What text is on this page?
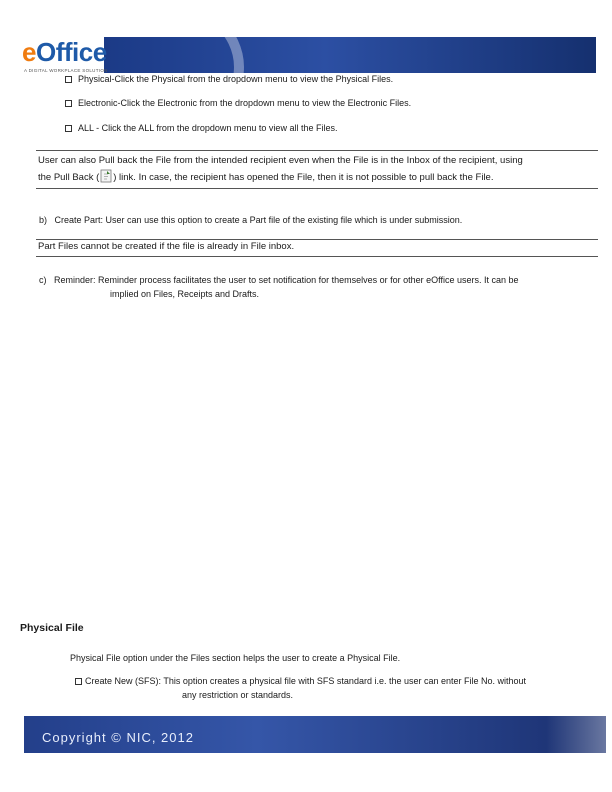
eOffice
A DIGITAL WORKPLACE SOLUTION
Physical-Click the Physical from the dropdown menu to view the Physical Files.
Electronic-Click the Electronic from the dropdown menu to view the Electronic Files.
ALL - Click the ALL from the dropdown menu to view all the Files.
User can also Pull back the File from the intended recipient even when the File is in the Inbox of the recipient, using
the Pull Back ( ) link. In case, the recipient has opened the File, then it is not possible to pull back the File.
b) Create Part: User can use this option to create a Part file of the existing file which is under submission.
Part Files cannot be created if the file is already in File inbox.
c) Reminder: Reminder process facilitates the user to set notification for themselves or for other eOffice users. It can be
implied on Files, Receipts and Drafts.
Physical File
Physical File option under the Files section helps the user to create a Physical File.
Create New (SFS): This option creates a physical file with SFS standard i.e. the user can enter File No. without
any restriction or standards.
Copyright © NIC, 2012
